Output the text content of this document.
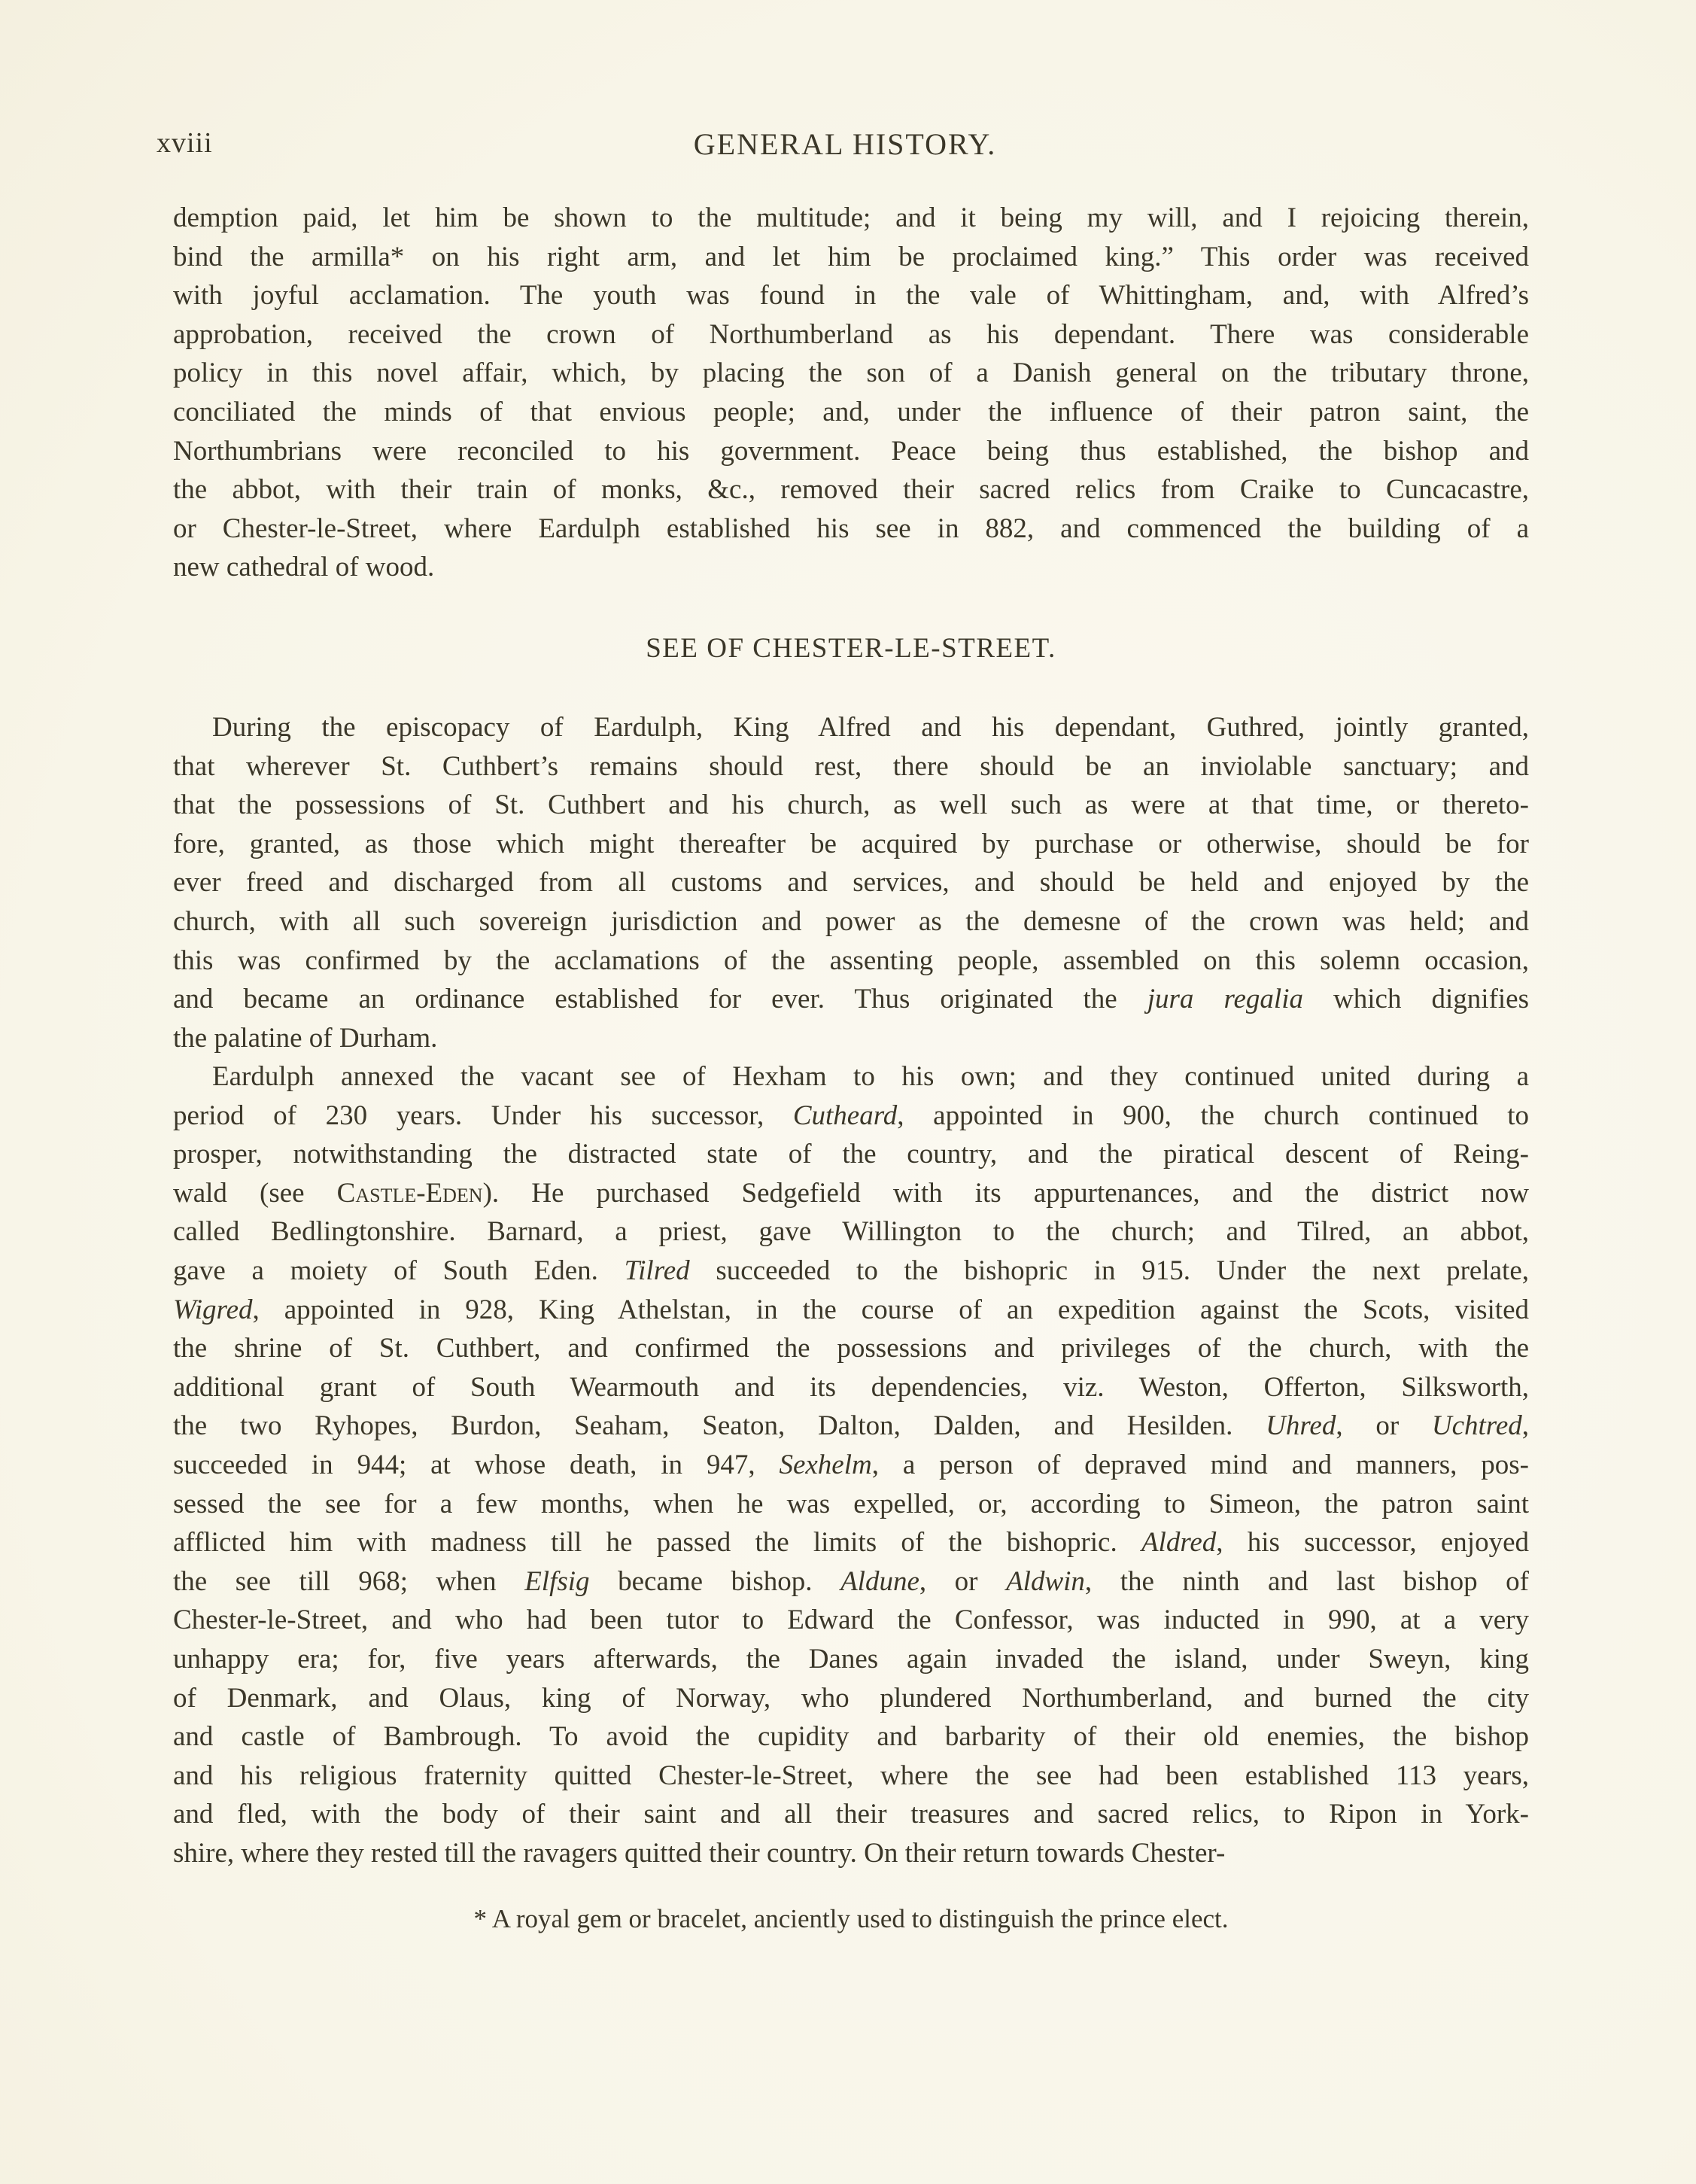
xviii	GENERAL HISTORY.
demption paid, let him be shown to the multitude; and it being my will, and I rejoicing therein,
bind the armilla* on his right arm, and let him be proclaimed king.” This order was received
with joyful acclamation. The youth was found in the vale of Whittingham, and, with Alfred’s
approbation, received the crown of Northumberland as his dependant. There was considerable
policy in this novel affair, which, by placing the son of a Danish general on the tributary throne,
conciliated the minds of that envious people; and, under the influence of their patron saint, the
Northumbrians were reconciled to his government. Peace being thus established, the bishop and
the abbot, with their train of monks, &c., removed their sacred relics from Craike to Cuncacastre,
or Chester-le-Street, where Eardulph established his see in 882, and commenced the building of a
new cathedral of wood.
SEE OF CHESTER-LE-STREET.
During the episcopacy of Eardulph, King Alfred and his dependant, Guthred, jointly granted,
that wherever St. Cuthbert’s remains should rest, there should be an inviolable sanctuary; and
that the possessions of St. Cuthbert and his church, as well such as were at that time, or thereto-
fore, granted, as those which might thereafter be acquired by purchase or otherwise, should be for
ever freed and discharged from all customs and services, and should be held and enjoyed by the
church, with all such sovereign jurisdiction and power as the demesne of the crown was held; and
this was confirmed by the acclamations of the assenting people, assembled on this solemn occasion,
and became an ordinance established for ever. Thus originated the jura regalia which dignifies
the palatine of Durham.
Eardulph annexed the vacant see of Hexham to his own; and they continued united during a
period of 230 years. Under his successor, Cutheard, appointed in 900, the church continued to
prosper, notwithstanding the distracted state of the country, and the piratical descent of Reing-
wald (see Castle-Eden). He purchased Sedgefield with its appurtenances, and the district now
called Bedlingtonshire. Barnard, a priest, gave Willington to the church; and Tilred, an abbot,
gave a moiety of South Eden. Tilred succeeded to the bishopric in 915. Under the next prelate,
Wigred, appointed in 928, King Athelstan, in the course of an expedition against the Scots, visited
the shrine of St. Cuthbert, and confirmed the possessions and privileges of the church, with the
additional grant of South Wearmouth and its dependencies, viz. Weston, Offerton, Silksworth,
the two Ryhopes, Burdon, Seaham, Seaton, Dalton, Dalden, and Hesilden. Uhred, or Uchtred,
succeeded in 944; at whose death, in 947, Sexhelm, a person of depraved mind and manners, pos-
sessed the see for a few months, when he was expelled, or, according to Simeon, the patron saint
afflicted him with madness till he passed the limits of the bishopric. Aldred, his successor, enjoyed
the see till 968; when Elfsig became bishop. Aldune, or Aldwin, the ninth and last bishop of
Chester-le-Street, and who had been tutor to Edward the Confessor, was inducted in 990, at a very
unhappy era; for, five years afterwards, the Danes again invaded the island, under Sweyn, king
of Denmark, and Olaus, king of Norway, who plundered Northumberland, and burned the city
and castle of Bambrough. To avoid the cupidity and barbarity of their old enemies, the bishop
and his religious fraternity quitted Chester-le-Street, where the see had been established 113 years,
and fled, with the body of their saint and all their treasures and sacred relics, to Ripon in York-
shire, where they rested till the ravagers quitted their country. On their return towards Chester-
* A royal gem or bracelet, anciently used to distinguish the prince elect.
